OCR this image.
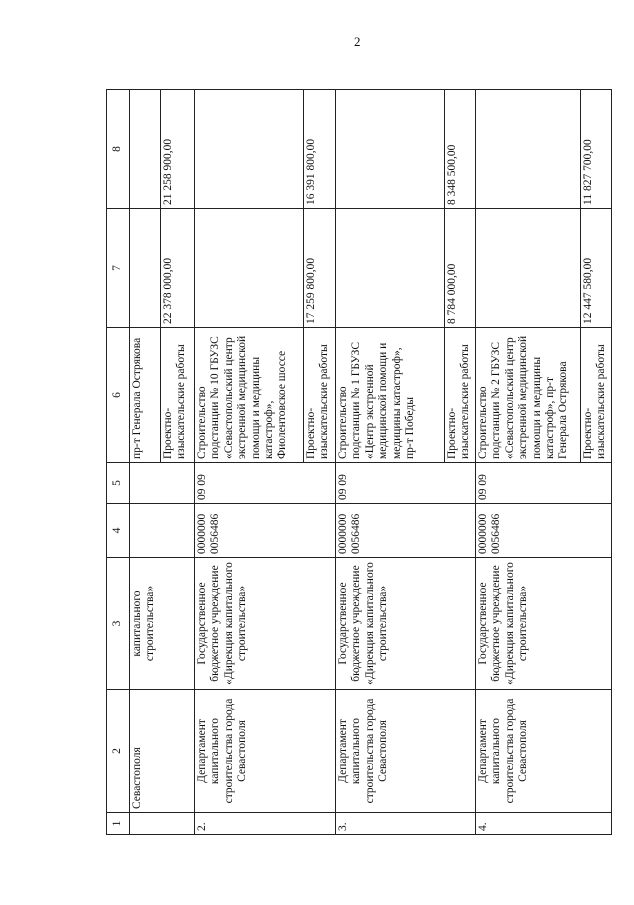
2
1	2	3	4	5	6	7	8
	Севастополя	капитального строительства»			пр-т Генерала Острякова		
					Проектно-изыскательские работы	22 378 000,00	21 258 900,00
2.	Департамент капитального строительства города Севастополя	Государственное бюджетное учреждение «Дирекция капитального строительства»	0000000 0056486	09 09	Строительство подстанции № 10 ГБУЗС «Севастопольский центр экстренной медицинской помощи и медицины катастроф», Фиолентовское шоссе		
					Проектно-изыскательские работы	17 259 800,00	16 391 800,00
3.	Департамент капитального строительства города Севастополя	Государственное бюджетное учреждение «Дирекция капитального строительства»	0000000 0056486	09 09	Строительство подстанции № 1 ГБУЗС «Центр экстренной медицинской помощи и медицины катастроф», пр-т Победы		
					Проектно-изыскательские работы	8 784 000,00	8 348 500,00
4.	Департамент капитального строительства города Севастополя	Государственное бюджетное учреждение «Дирекция капитального строительства»	0000000 0056486	09 09	Строительство подстанции № 2 ГБУЗС «Севастопольский центр экстренной медицинской помощи и медицины катастроф», пр-т Генерала Острякова		
					Проектно-изыскательские работы	12 447 580,00	11 827 700,00
